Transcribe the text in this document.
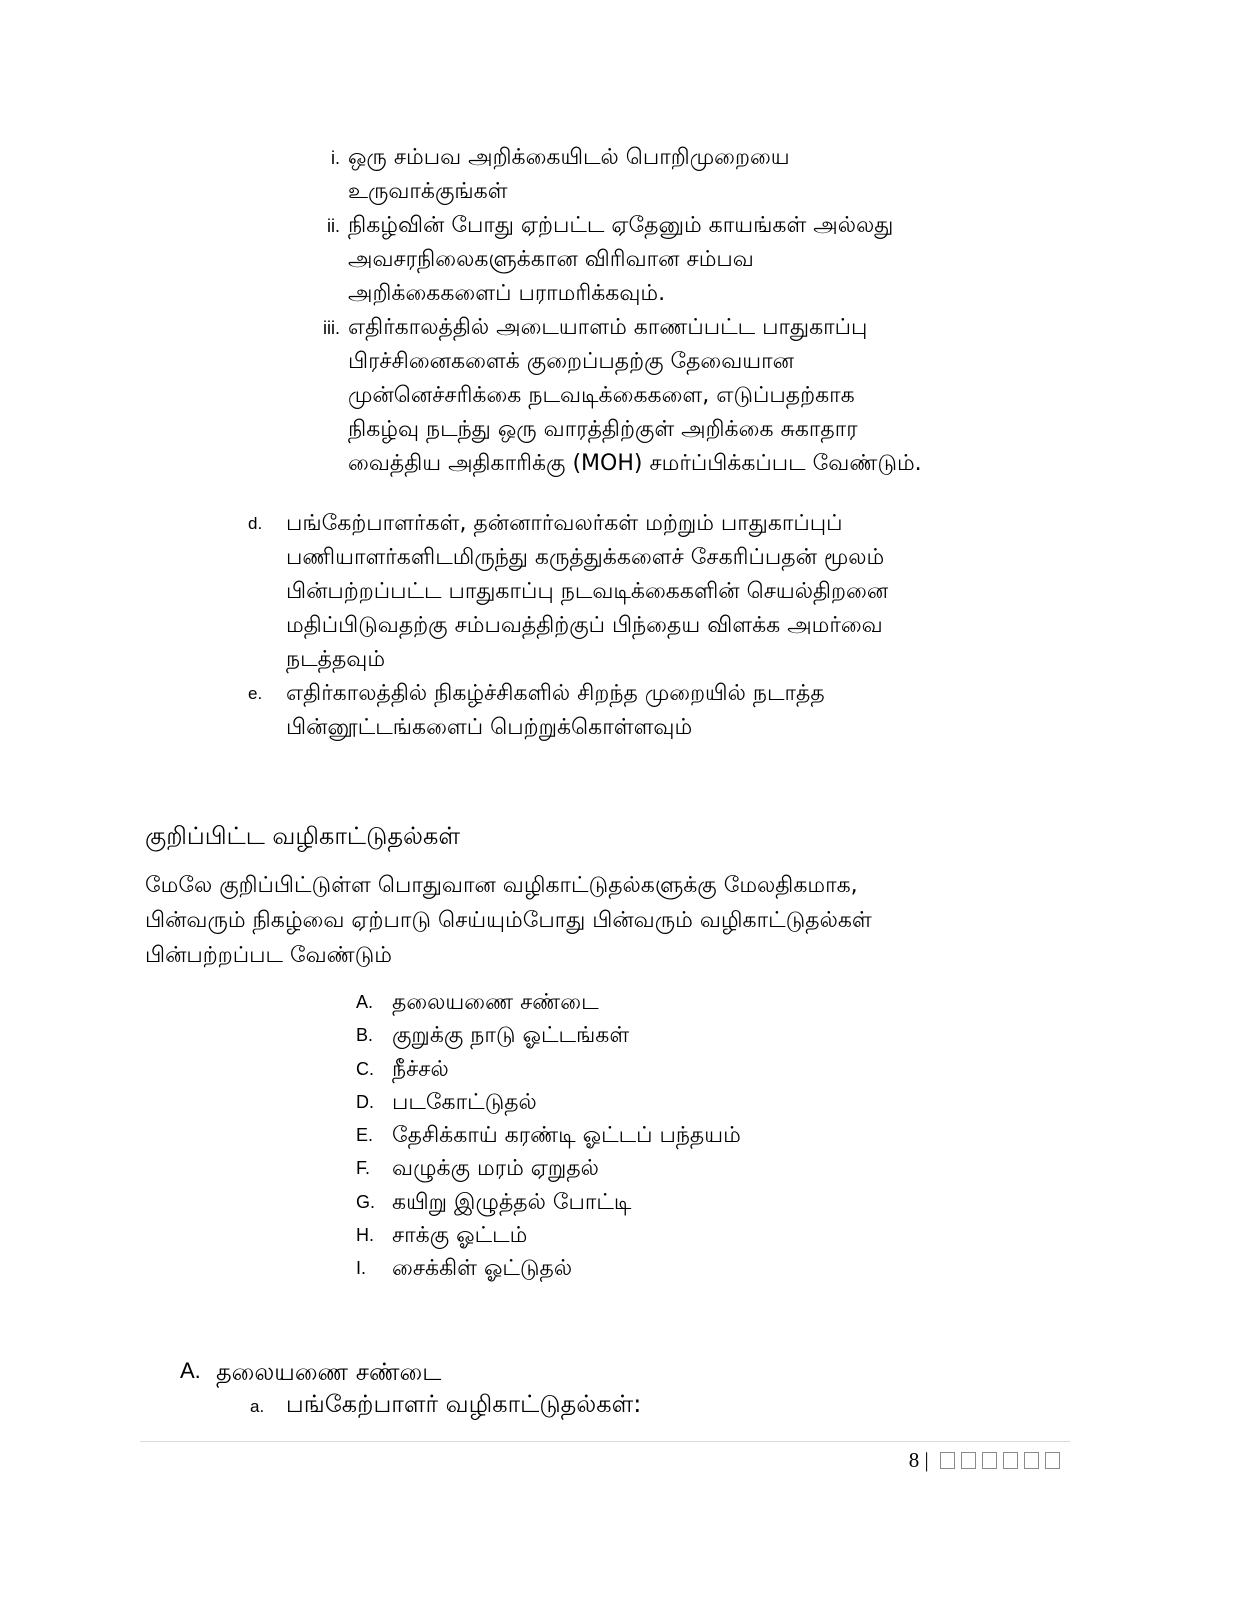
i. ஒரு சம்பவ அறிக்கையிடல் பொறிமுறையை
உருவாக்குங்கள்
ii. நிகழ்வின் போது ஏற்பட்ட ஏதேனும் காயங்கள் அல்லது
அவசரநிலைகளுக்கான விரிவான சம்பவ
அறிக்கைகளைப் பராமரிக்கவும்.
iii. எதிர்காலத்தில் அடையாளம் காணப்பட்ட பாதுகாப்பு
பிரச்சினைகளைக் குறைப்பதற்கு தேவையான
முன்னெச்சரிக்கை நடவடிக்கைகளை, எடுப்பதற்காக
நிகழ்வு நடந்து ஒரு வாரத்திற்குள் அறிக்கை சுகாதார
வைத்திய அதிகாரிக்கு (MOH) சமர்ப்பிக்கப்பட வேண்டும்.
d.	பங்கேற்பாளர்கள், தன்னார்வலர்கள் மற்றும் பாதுகாப்புப்
பணியாளர்களிடமிருந்து கருத்துக்களைச் சேகரிப்பதன் மூலம்
பின்பற்றப்பட்ட பாதுகாப்பு நடவடிக்கைகளின் செயல்திறனை
மதிப்பிடுவதற்கு சம்பவத்திற்குப் பிந்தைய விளக்க அமர்வை
நடத்தவும்
e.	எதிர்காலத்தில் நிகழ்ச்சிகளில் சிறந்த முறையில் நடாத்த
பின்னூட்டங்களைப் பெற்றுக்கொள்ளவும்
குறிப்பிட்ட வழிகாட்டுதல்கள்
மேலே குறிப்பிட்டுள்ள பொதுவான வழிகாட்டுதல்களுக்கு மேலதிகமாக,
பின்வரும் நிகழ்வை ஏற்பாடு செய்யும்போது பின்வரும் வழிகாட்டுதல்கள்
பின்பற்றப்பட வேண்டும்
A. தலையணை சண்டை
B. குறுக்கு நாடு ஓட்டங்கள்
C. நீச்சல்
D. படகோட்டுதல்
E. தேசிக்காய் கரண்டி ஓட்டப் பந்தயம்
F. வழுக்கு மரம் ஏறுதல்
G. கயிறு இழுத்தல் போட்டி
H. சாக்கு ஓட்டம்
I.	சைக்கிள் ஓட்டுதல்
A. தலையணை சண்டை
a. பங்கேற்பாளர் வழிகாட்டுதல்கள்:
8 |
